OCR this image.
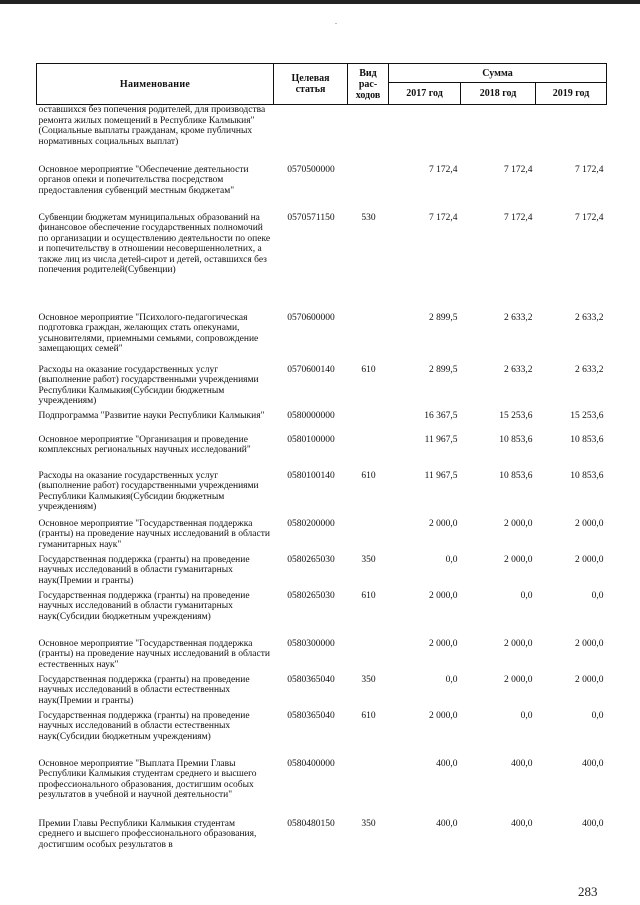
.
Наименование	Целевая статья	Вид рас-ходов	Сумма		
			2017 год	2018 год	2019 год
оставшихся без попечения родителей, для производства ремонта жилых помещений в Республике Калмыкия"(Социальные выплаты гражданам, кроме публичных нормативных социальных выплат)					
Основное мероприятие "Обеспечение деятельности органов опеки и попечительства посредством предоставления субвенций местным бюджетам"	0570500000		7 172,4	7 172,4	7 172,4
Субвенции бюджетам муниципальных образований на финансовое обеспечение государственных полномочий по организации и осуществлению деятельности по опеке и попечительству в отношении несовершеннолетних, а также лиц из числа детей-сирот и детей, оставшихся без попечения родителей(Субвенции)	0570571150	530	7 172,4	7 172,4	7 172,4
Основное мероприятие "Психолого-педагогическая подготовка граждан, желающих стать опекунами, усыновителями, приемными семьями, сопровождение замещающих семей"	0570600000		2 899,5	2 633,2	2 633,2
Расходы на оказание государственных услуг (выполнение работ) государственными учреждениями Республики Калмыкия(Субсидии бюджетным учреждениям)	0570600140	610	2 899,5	2 633,2	2 633,2
Подпрограмма "Развитие науки Республики Калмыкия"	0580000000		16 367,5	15 253,6	15 253,6
Основное мероприятие "Организация и проведение комплексных региональных научных исследований"	0580100000		11 967,5	10 853,6	10 853,6
Расходы на оказание государственных услуг (выполнение работ) государственными учреждениями Республики Калмыкия(Субсидии бюджетным учреждениям)	0580100140	610	11 967,5	10 853,6	10 853,6
Основное мероприятие "Государственная поддержка (гранты) на проведение научных исследований в области гуманитарных наук"	0580200000		2 000,0	2 000,0	2 000,0
Государственная поддержка (гранты) на проведение научных исследований в области гуманитарных наук(Премии и гранты)	0580265030	350	0,0	2 000,0	2 000,0
Государственная поддержка (гранты) на проведение научных исследований в области гуманитарных наук(Субсидии бюджетным учреждениям)	0580265030	610	2 000,0	0,0	0,0
Основное мероприятие "Государственная поддержка (гранты) на проведение научных исследований в области естественных наук"	0580300000		2 000,0	2 000,0	2 000,0
Государственная поддержка (гранты) на проведение научных исследований в области естественных наук(Премии и гранты)	0580365040	350	0,0	2 000,0	2 000,0
Государственная поддержка (гранты) на проведение научных исследований в области естественных наук(Субсидии бюджетным учреждениям)	0580365040	610	2 000,0	0,0	0,0
Основное мероприятие "Выплата Премии Главы Республики Калмыкия студентам среднего и высшего профессионального образования, достигшим особых результатов в учебной и научной деятельности"	0580400000		400,0	400,0	400,0
Премии Главы Республики Калмыкия студентам среднего и высшего профессионального образования, достигшим особых результатов в	0580480150	350	400,0	400,0	400,0
283
